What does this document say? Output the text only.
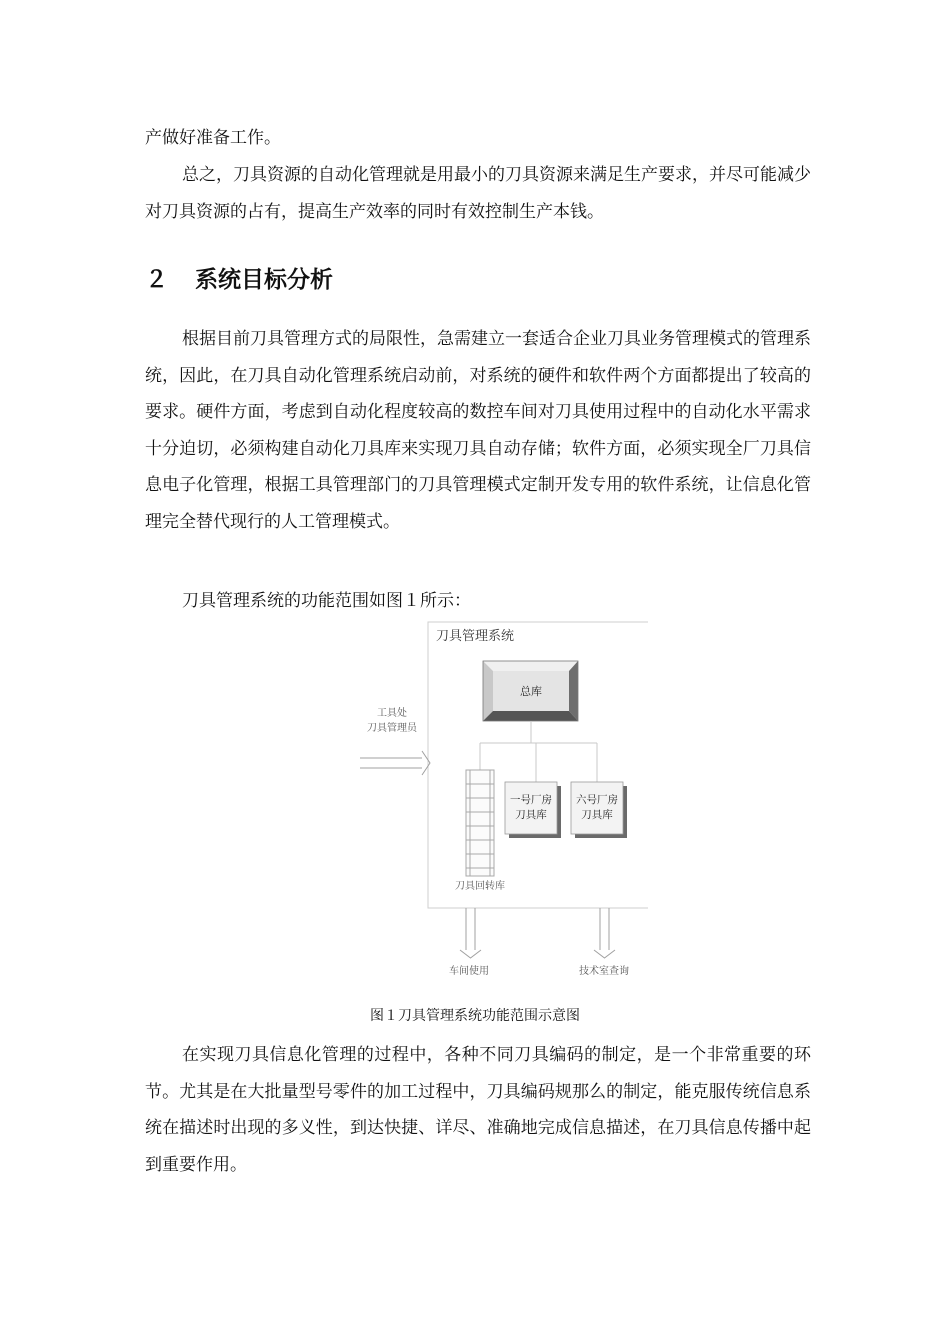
产做好准备工作。

总之，刀具资源的自动化管理就是用最小的刀具资源来满足生产要求，并尽可能减少对刀具资源的占有，提高生产效率的同时有效控制生产本钱。

２ 系统目标分析

根据目前刀具管理方式的局限性，急需建立一套适合企业刀具业务管理模式的管理系统，因此，在刀具自动化管理系统启动前，对系统的硬件和软件两个方面都提出了较高的要求。硬件方面，考虑到自动化程度较高的数控车间对刀具使用过程中的自动化水平需求十分迫切，必须构建自动化刀具库来实现刀具自动存储；软件方面，必须实现全厂刀具信息电子化管理，根据工具管理部门的刀具管理模式定制开发专用的软件系统，让信息化管理完全替代现行的人工管理模式。

刀具管理系统的功能范围如图１所示：

刀具管理系统
总库
工具处
刀具管理员
刀具回转库
一号厂房
刀具库
六号厂房
刀具库
车间使用	技术室查询

图１刀具管理系统功能范围示意图

在实现刀具信息化管理的过程中，各种不同刀具编码的制定，是一个非常重要的环节。尤其是在大批量型号零件的加工过程中，刀具编码规那么的制定，能克服传统信息系统在描述时出现的多义性，到达快捷、详尽、准确地完成信息描述，在刀具信息传播中起到重要作用。
